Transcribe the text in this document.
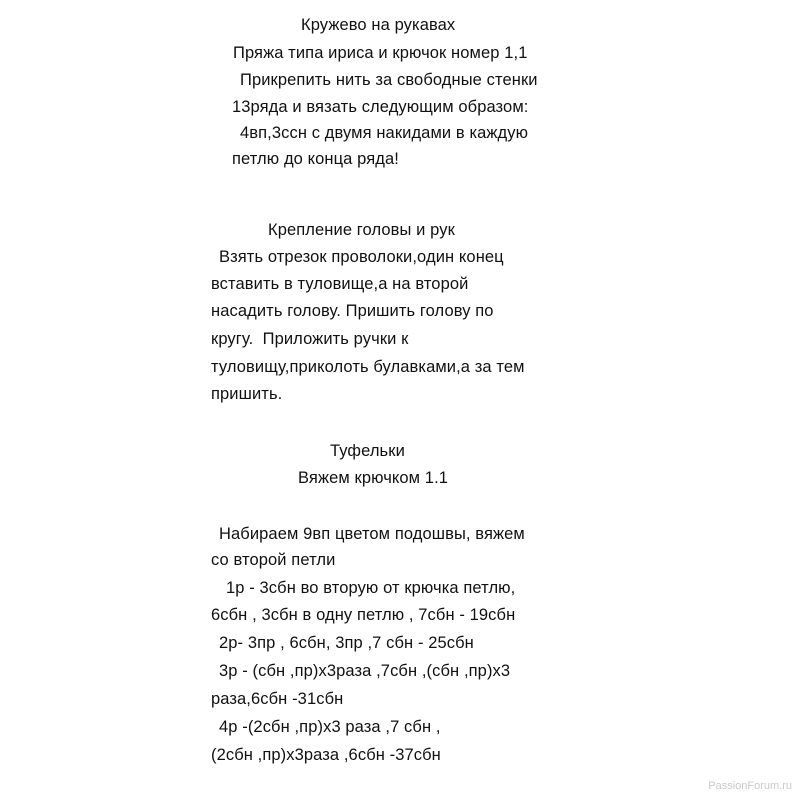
Кружево на рукавах
Пряжа типа ириса и крючок номер 1,1
Прикрепить нить за свободные стенки
13ряда и вязать следующим образом:
4вп,3ссн с двумя накидами в каждую
петлю до конца ряда!
Крепление головы и рук
Взять отрезок проволоки,один конец
вставить в туловище,а на второй
насадить голову. Пришить голову по
кругу.  Приложить ручки к
туловищу,приколоть булавками,а за тем
пришить.
Туфельки
Вяжем крючком 1.1
Набираем 9вп цветом подошвы, вяжем
со второй петли
1р - 3сбн во вторую от крючка петлю,
6сбн , 3сбн в одну петлю , 7сбн - 19сбн
2р- 3пр , 6сбн, 3пр ,7 сбн - 25сбн
3р - (сбн ,пр)х3раза ,7сбн ,(сбн ,пр)х3
раза,6сбн -31сбн
4р -(2сбн ,пр)х3 раза ,7 сбн ,
(2сбн ,пр)х3раза ,6сбн -37сбн
PassionForum.ru
